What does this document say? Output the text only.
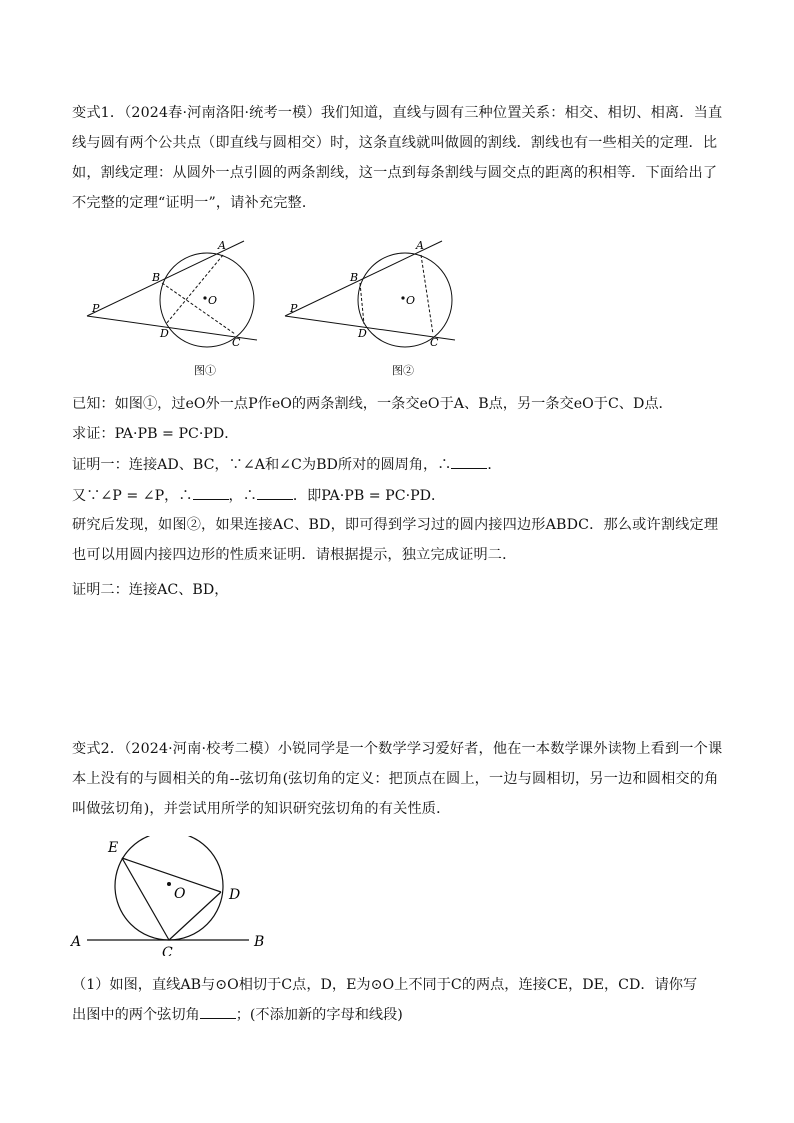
变式1．（2024春·河南洛阳·统考一模）我们知道，直线与圆有三种位置关系：相交、相切、相离．当直线与圆有两个公共点（即直线与圆相交）时，这条直线就叫做圆的割线．割线也有一些相关的定理．比如，割线定理：从圆外一点引圆的两条割线，这一点到每条割线与圆交点的距离的积相等．下面给出了不完整的定理“证明一”，请补充完整．
A
B
P
D
C
O
图①
A
B
P
D
C
O
图②
已知：如图①，过eO外一点P作eO的两条割线，一条交eO于A、B点，另一条交eO于C、D点．
求证：PA·PB = PC·PD．
证明一：连接AD、BC，∵∠A和∠C为BD所对的圆周角，∴	．
又∵∠P = ∠P，∴	，∴	．即PA·PB = PC·PD．
研究后发现，如图②，如果连接AC、BD，即可得到学习过的圆内接四边形ABDC．那么或许割线定理也可以用圆内接四边形的性质来证明．请根据提示，独立完成证明二．
证明二：连接AC、BD，
变式2．（2024·河南·校考二模）小锐同学是一个数学学习爱好者，他在一本数学课外读物上看到一个课本上没有的与圆相关的角--弦切角(弦切角的定义：把顶点在圆上，一边与圆相切，另一边和圆相交的角叫做弦切角)，并尝试用所学的知识研究弦切角的有关性质．
E
O	D
A
C
B
（1）如图，直线AB与⊙O相切于C点，D，E为⊙O上不同于C的两点，连接CE，DE，CD．请你写
出图中的两个弦切角	；(不添加新的字母和线段)
